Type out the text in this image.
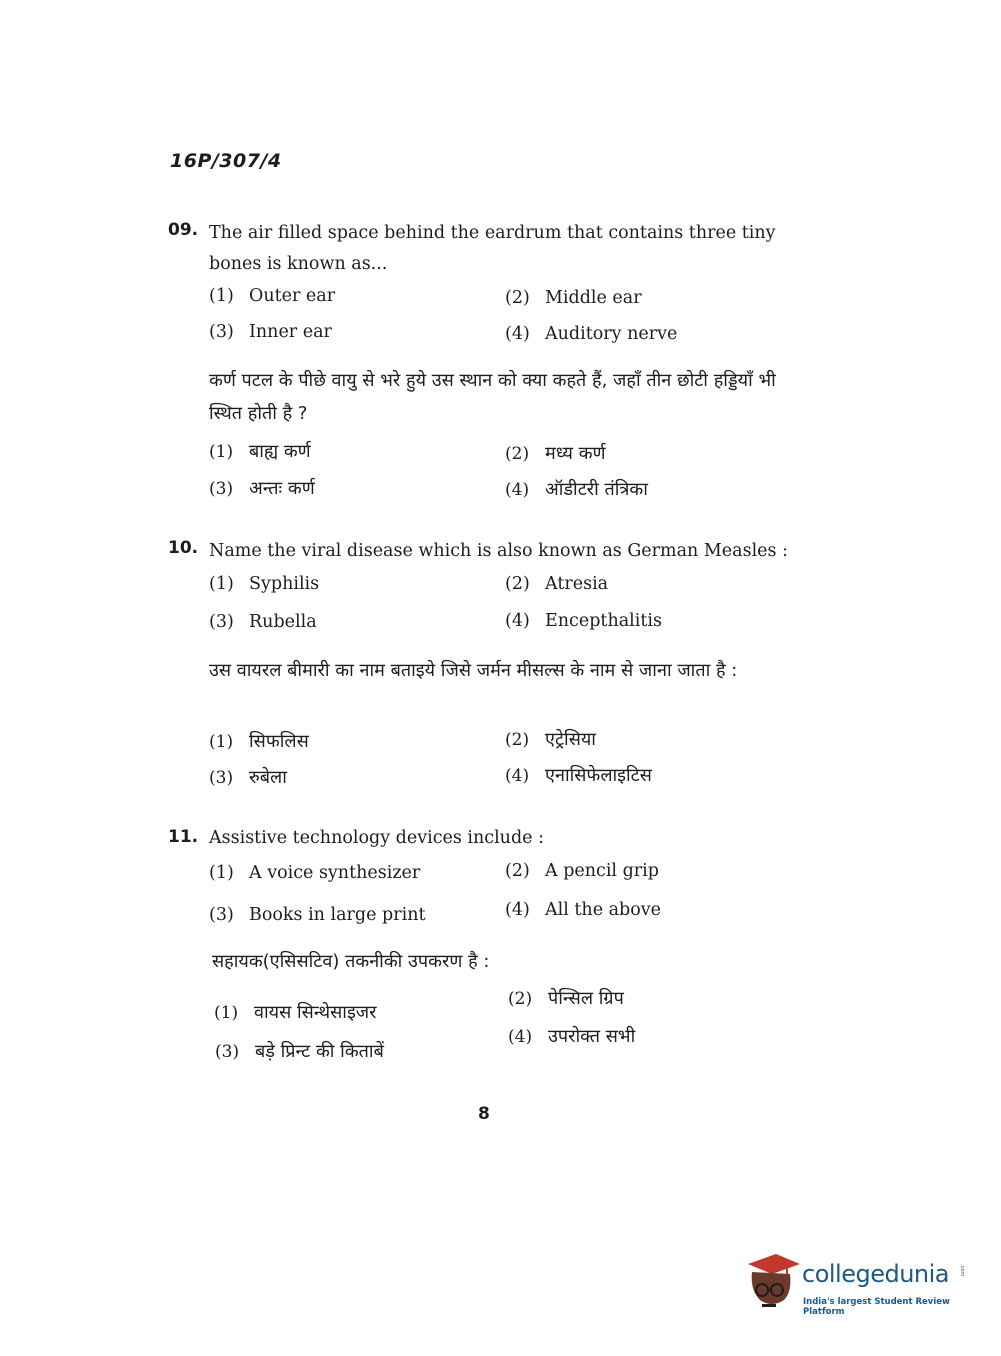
16P/307/4
09. The air filled space behind the eardrum that contains three tiny bones is known as...
(1) Outer ear	(2) Middle ear
(3) Inner ear	(4) Auditory nerve
कर्ण पटल के पीछे वायु से भरे हुये उस स्थान को क्या कहते हैं, जहाँ तीन छोटी हड्डियाँ भी स्थित होती है ?
(1) बाह्य कर्ण	(2) मध्य कर्ण
(3) अन्तः कर्ण	(4) ऑडीटरी तंत्रिका
10. Name the viral disease which is also known as German Measles :
(1) Syphilis	(2) Atresia
(3) Rubella	(4) Encepthalitis
उस वायरल बीमारी का नाम बताइये जिसे जर्मन मीसल्स के नाम से जाना जाता है :
(1) सिफलिस	(2) एट्रेसिया
(3) रुबेला	(4) एनासिफेलाइटिस
11. Assistive technology devices include :
(1) A voice synthesizer	(2) A pencil grip
(3) Books in large print	(4) All the above
सहायक(एसिसटिव) तकनीकी उपकरण है :
(1) वायस सिन्थेसाइजर
(2) पेन्सिल ग्रिप
(3) बड़े प्रिन्ट की किताबें
(4) उपरोक्त सभी
8
collegedunia .com
India's largest Student Review Platform
